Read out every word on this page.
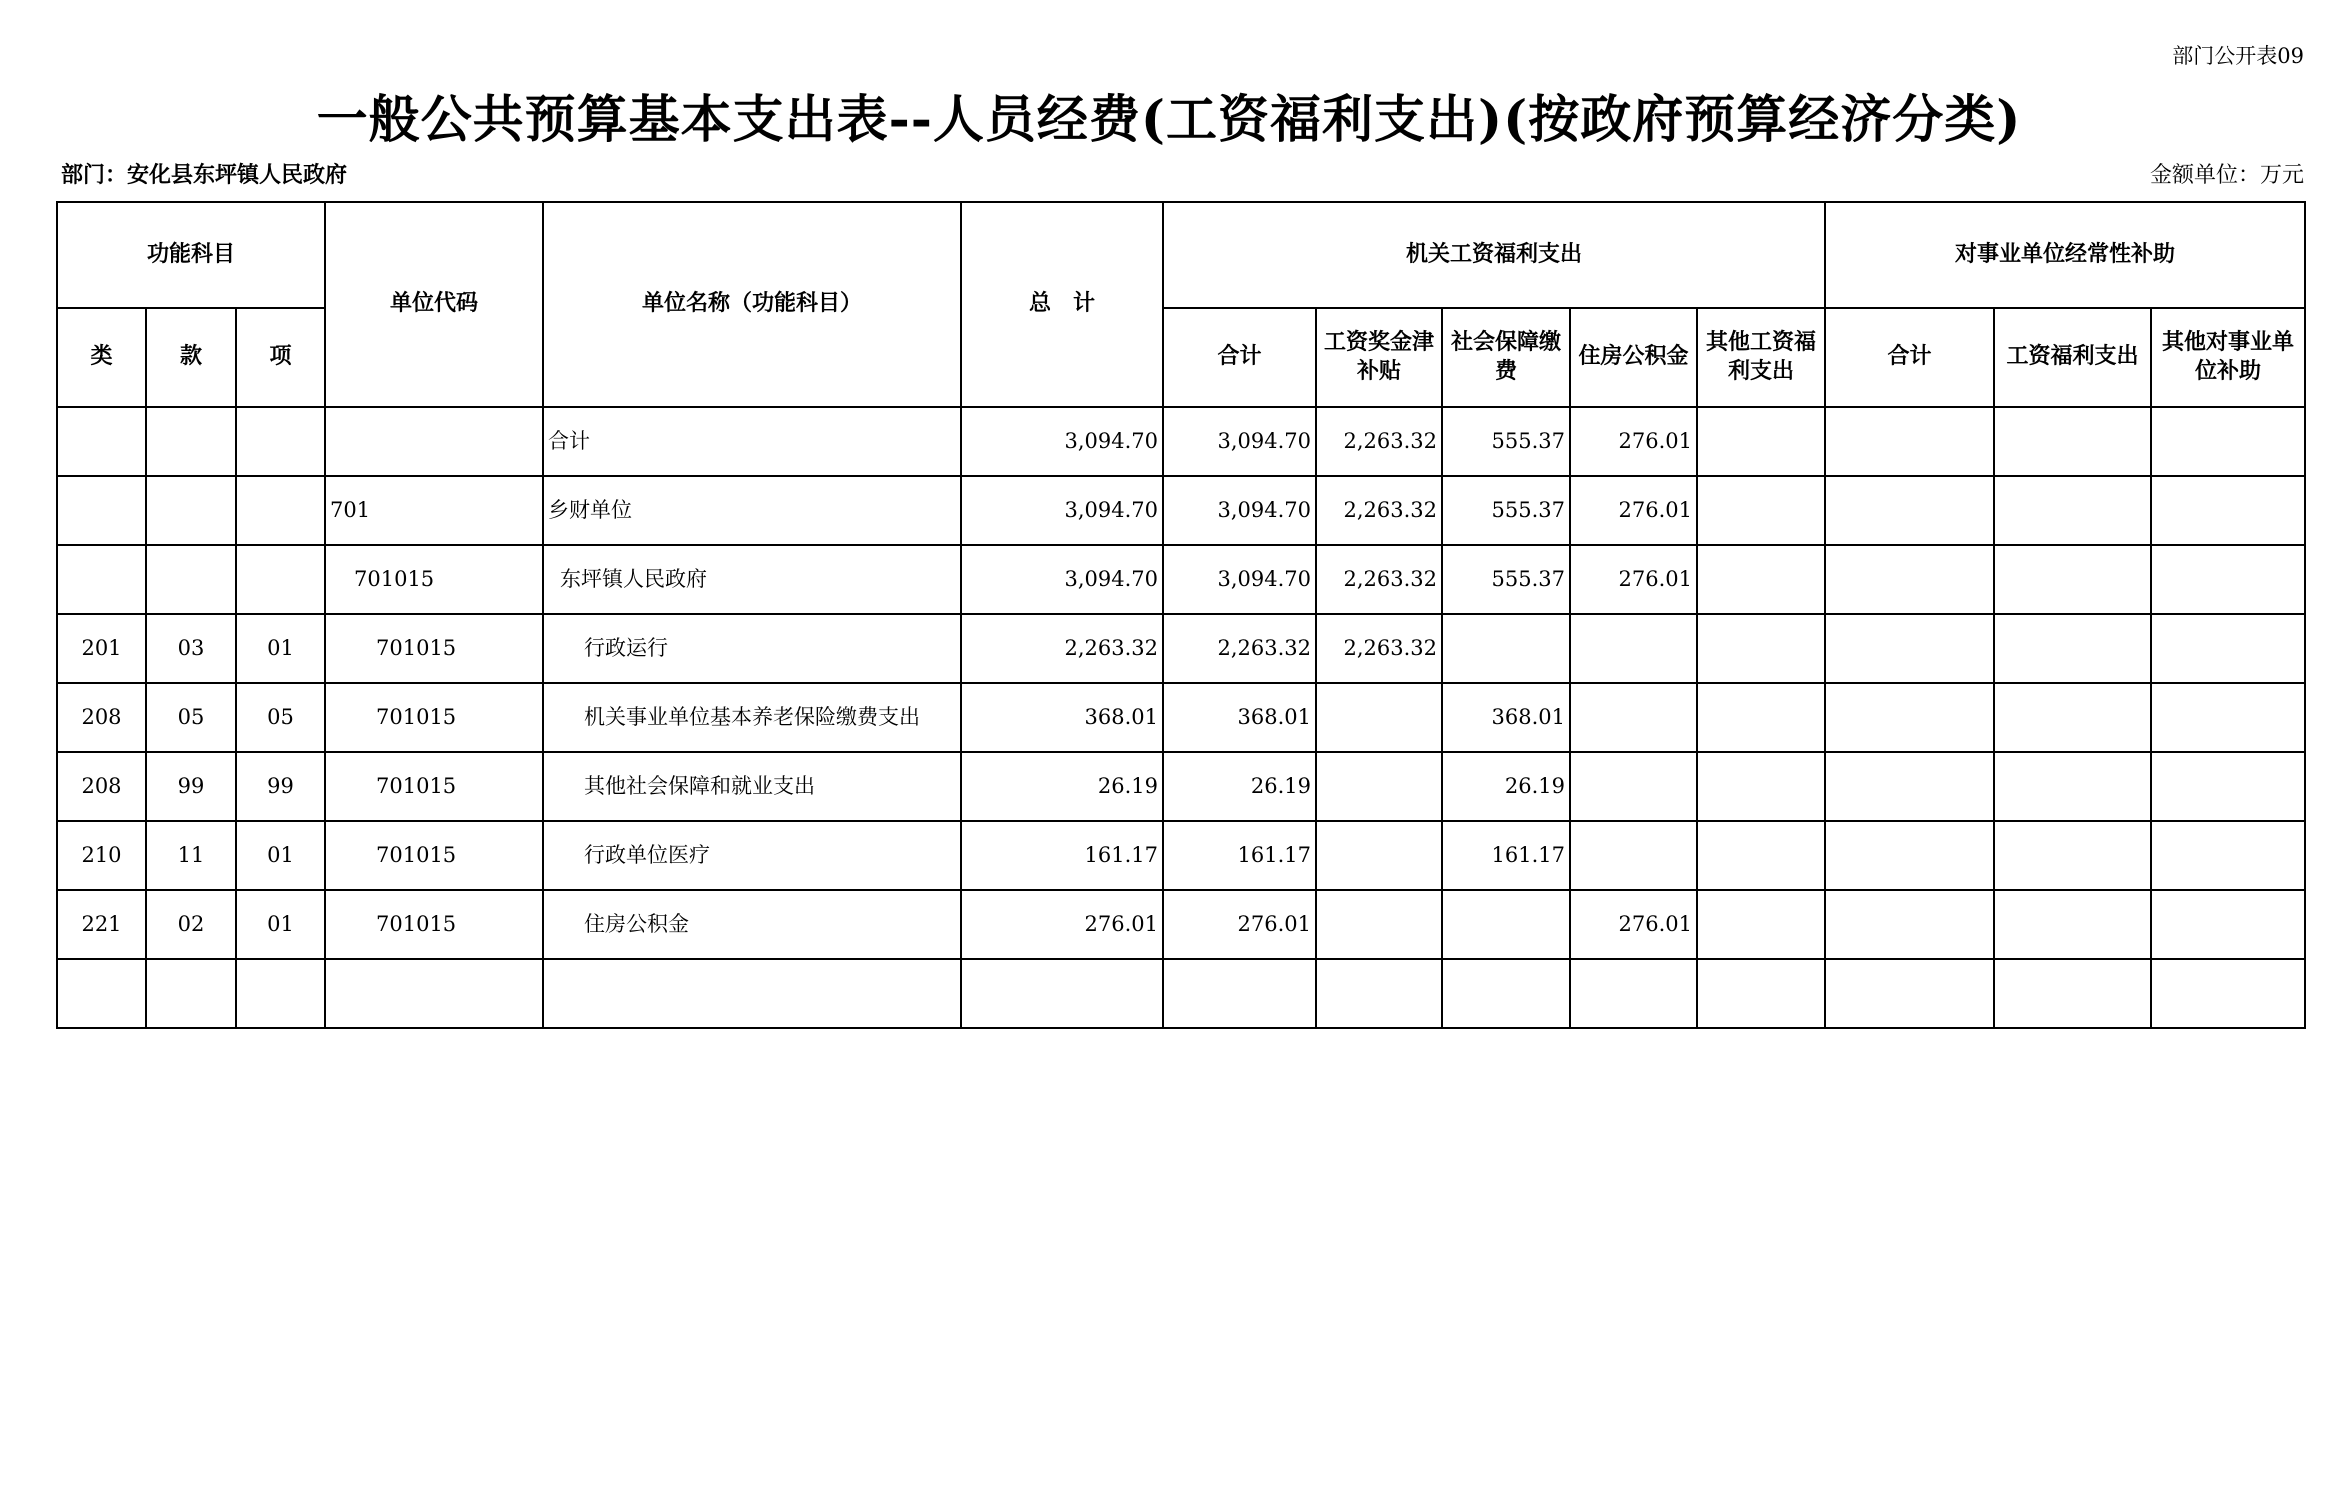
部门公开表09
一般公共预算基本支出表--人员经费(工资福利支出)(按政府预算经济分类)
部门：安化县东坪镇人民政府	金额单位：万元
功能科目			单位代码	单位名称（功能科目）	总　计	机关工资福利支出					对事业单位经常性补助		
类	款	项				合计	工资奖金津补贴	社会保障缴费	住房公积金	其他工资福利支出	合计	工资福利支出	其他对事业单位补助
				合计	3,094.70	3,094.70	2,263.32	555.37	276.01				
			701	乡财单位	3,094.70	3,094.70	2,263.32	555.37	276.01				
			701015	东坪镇人民政府	3,094.70	3,094.70	2,263.32	555.37	276.01				
201	03	01	701015	行政运行	2,263.32	2,263.32	2,263.32						
208	05	05	701015	机关事业单位基本养老保险缴费支出	368.01	368.01		368.01					
208	99	99	701015	其他社会保障和就业支出	26.19	26.19		26.19					
210	11	01	701015	行政单位医疗	161.17	161.17		161.17					
221	02	01	701015	住房公积金	276.01	276.01			276.01				
